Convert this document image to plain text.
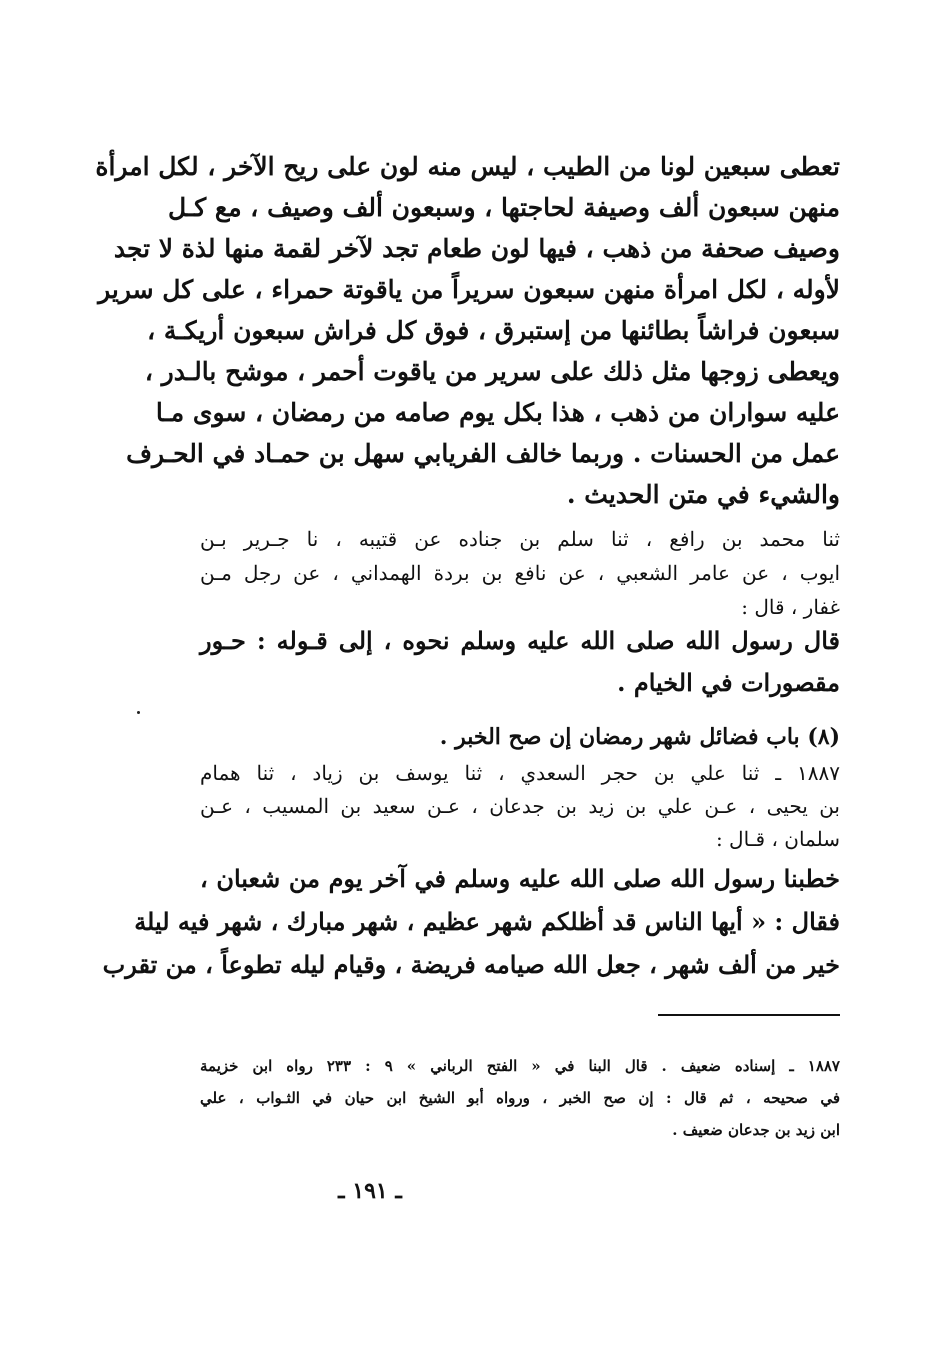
تعطى سبعين لونا من الطيب ، ليس منه لون على ريح الآخر ، لكل امرأة
منهن سبعون ألف وصيفة لحاجتها ، وسبعون ألف وصيف ، مع كـل
وصيف صحفة من ذهب ، فيها لون طعام تجد لآخر لقمة منها لذة لا تجد
لأوله ، لكل امرأة منهن سبعون سريراً من ياقوتة حمراء ، على كل سرير
سبعون فراشاً بطائنها من إستبرق ، فوق كل فراش سبعون أريكـة ،
ويعطى زوجها مثل ذلك على سرير من ياقوت أحمر ، موشح بالـدر ،
عليه سواران من ذهب ، هذا بكل يوم صامه من رمضان ، سوى مـا
عمل من الحسنات . وربما خالف الفريابي سهل بن حمـاد في الحـرف
والشيء في متن الحديث .
ثنا محمد بن رافع ، ثنا سلم بن جناده عن قتيبه ، نا جـرير بـن
ايوب ، عن عامر الشعبي ، عن نافع بن بردة الهمداني ، عن رجل مـن
غفار ، قال :
قال رسول الله صلى الله عليه وسلم نحوه ، إلى قـوله : حـور
مقصورات في الخيام .
(٨) باب فضائل شهر رمضان إن صح الخبر .
١٨٨٧ ـ ثنا علي بن حجر السعدي ، ثنا يوسف بن زياد ، ثنا همام
بن يحيى ، عـن علي بن زيد بن جدعان ، عـن سعيد بن المسيب ، عـن
سلمان ، قـال :
خطبنا رسول الله صلى الله عليه وسلم في آخر يوم من شعبان ،
فقال : « أيها الناس قد أظلكم شهر عظيم ، شهر مبارك ، شهر فيه ليلة
خير من ألف شهر ، جعل الله صيامه فريضة ، وقيام ليله تطوعاً ، من تقرب
١٨٨٧ ـ إسناده ضعيف . قال البنا في « الفتح الرباني » ٩ : ٢٣٣ رواه ابن خزيمة
في صحيحه ، ثم قال : إن صح الخبر ، ورواه أبو الشيخ ابن حيان في الثـواب ، علي
ابن زيد بن جدعان ضعيف .
ـ ١٩١ ـ
